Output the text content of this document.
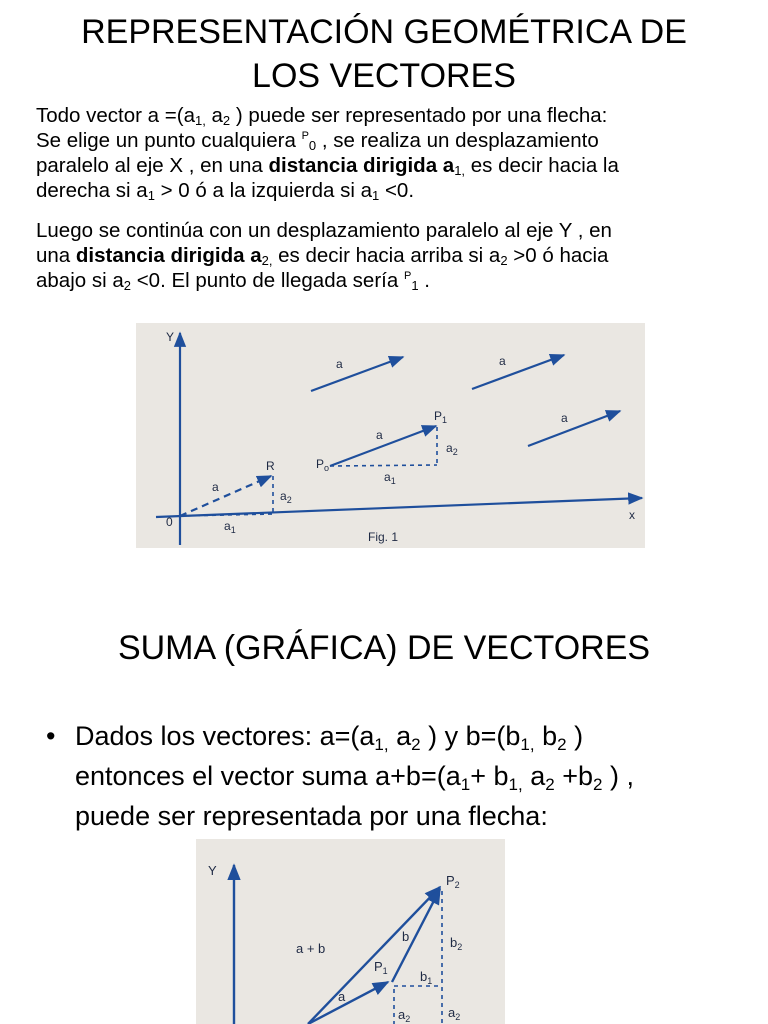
REPRESENTACIÓN GEOMÉTRICA DE
LOS VECTORES

Todo vector $a =(a_{1,}$ $a_2$ ) puede ser representado por una flecha:
Se elige un punto cualquiera $^P_0$ , se realiza un desplazamiento
paralelo al eje X , en una distancia dirigida $a_{1,}$ es decir hacia la
derecha si $a_1 > 0$ ó a la izquierda si $a_1 <0$.

Luego se continúa con un desplazamiento paralelo al eje Y , en
una distancia dirigida $a_{2,}$ es decir hacia arriba si $a_2 >0$ ó hacia
abajo si $a_2 <0$. El punto de llegada sería $^P_1$ .

Y
x
0
a
a
a	a
a
R	$P_o$
$P_1$
$a_1$
$a_2$
$a_1$
$a_2$
Fig. 1
SUMA (GRÁFICA) DE VECTORES
• Dados los vectores: $a=(a_{1,}$ $a_2$ ) y $b=(b_{1,}$ $b_2$ )
entonces el vector suma $a+b=(a_1+ b_{1,}$ $a_2 +b_2$ ) ,
puede ser representada por una flecha:
Y
$P_2$
$P_1$
a + b
a
b
$b_1$
$b_2$
$a_2$	$a_2$
